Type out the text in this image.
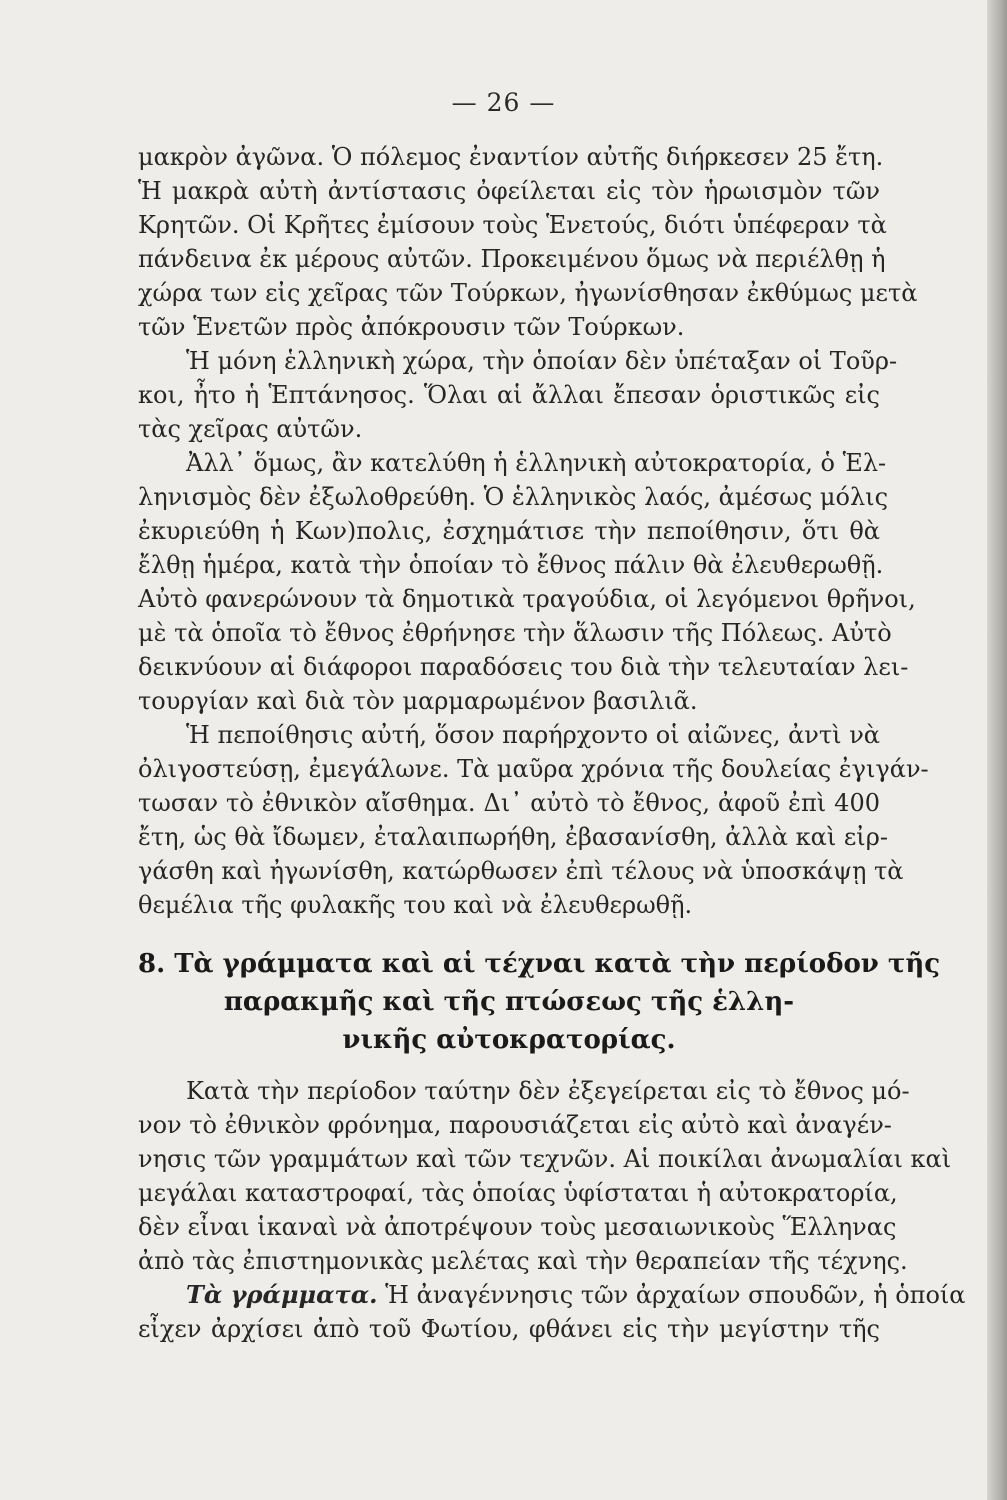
— 26 —
μακρὸν ἀγῶνα. Ὁ πόλεμος ἐναντίον αὐτῆς διήρκεσεν 25 ἔτη.
Ἡ μακρὰ αὐτὴ ἀντίστασις ὀφείλεται εἰς τὸν ἡρωισμὸν τῶν
Κρητῶν. Οἱ Κρῆτες ἐμίσουν τοὺς Ἑνετούς, διότι ὑπέφεραν τὰ
πάνδεινα ἐκ μέρους αὐτῶν. Προκειμένου ὅμως νὰ περιέλθῃ ἡ
χώρα των εἰς χεῖρας τῶν Τούρκων, ἠγωνίσθησαν ἐκθύμως μετὰ
τῶν Ἑνετῶν πρὸς ἀπόκρουσιν τῶν Τούρκων.
Ἡ μόνη ἑλληνικὴ χώρα, τὴν ὁποίαν δὲν ὑπέταξαν οἱ Τοῦρ-
κοι, ἦτο ἡ Ἑπτάνησος. Ὅλαι αἱ ἄλλαι ἔπεσαν ὁριστικῶς εἰς
τὰς χεῖρας αὐτῶν.
Ἀλλ᾽ ὅμως, ἂν κατελύθη ἡ ἑλληνικὴ αὐτοκρατορία, ὁ Ἑλ-
ληνισμὸς δὲν ἐξωλοθρεύθη. Ὁ ἑλληνικὸς λαός, ἀμέσως μόλις
ἐκυριεύθη ἡ Κων)πολις, ἐσχημάτισε τὴν πεποίθησιν, ὅτι θὰ
ἔλθῃ ἡμέρα, κατὰ τὴν ὁποίαν τὸ ἔθνος πάλιν θὰ ἐλευθερωθῇ.
Αὐτὸ φανερώνουν τὰ δημοτικὰ τραγούδια, οἱ λεγόμενοι θρῆνοι,
μὲ τὰ ὁποῖα τὸ ἔθνος ἐθρήνησε τὴν ἅλωσιν τῆς Πόλεως. Αὐτὸ
δεικνύουν αἱ διάφοροι παραδόσεις του διὰ τὴν τελευταίαν λει-
τουργίαν καὶ διὰ τὸν μαρμαρωμένον βασιλιᾶ.
Ἡ πεποίθησις αὐτή, ὅσον παρήρχοντο οἱ αἰῶνες, ἀντὶ νὰ
ὀλιγοστεύσῃ, ἐμεγάλωνε. Τὰ μαῦρα χρόνια τῆς δουλείας ἐγιγάν-
τωσαν τὸ ἐθνικὸν αἴσθημα. Δι᾽ αὐτὸ τὸ ἔθνος, ἀφοῦ ἐπὶ 400
ἔτη, ὡς θὰ ἴδωμεν, ἐταλαιπωρήθη, ἐβασανίσθη, ἀλλὰ καὶ εἰρ-
γάσθη καὶ ἠγωνίσθη, κατώρθωσεν ἐπὶ τέλους νὰ ὑποσκάψῃ τὰ
θεμέλια τῆς φυλακῆς του καὶ νὰ ἐλευθερωθῇ.
8. Τὰ γράμματα καὶ αἱ τέχναι κατὰ τὴν περίοδον τῆς
παρακμῆς καὶ τῆς πτώσεως τῆς ἑλλη-
νικῆς αὐτοκρατορίας.
Κατὰ τὴν περίοδον ταύτην δὲν ἐξεγείρεται εἰς τὸ ἔθνος μό-
νον τὸ ἐθνικὸν φρόνημα, παρουσιάζεται εἰς αὐτὸ καὶ ἀναγέν-
νησις τῶν γραμμάτων καὶ τῶν τεχνῶν. Αἱ ποικίλαι ἀνωμαλίαι καὶ
μεγάλαι καταστροφαί, τὰς ὁποίας ὑφίσταται ἡ αὐτοκρατορία,
δὲν εἶναι ἱκαναὶ νὰ ἀποτρέψουν τοὺς μεσαιωνικοὺς Ἕλληνας
ἀπὸ τὰς ἐπιστημονικὰς μελέτας καὶ τὴν θεραπείαν τῆς τέχνης.
Τὰ γράμματα. Ἡ ἀναγέννησις τῶν ἀρχαίων σπουδῶν, ἡ ὁποία
εἶχεν ἀρχίσει ἀπὸ τοῦ Φωτίου, φθάνει εἰς τὴν μεγίστην τῆς
